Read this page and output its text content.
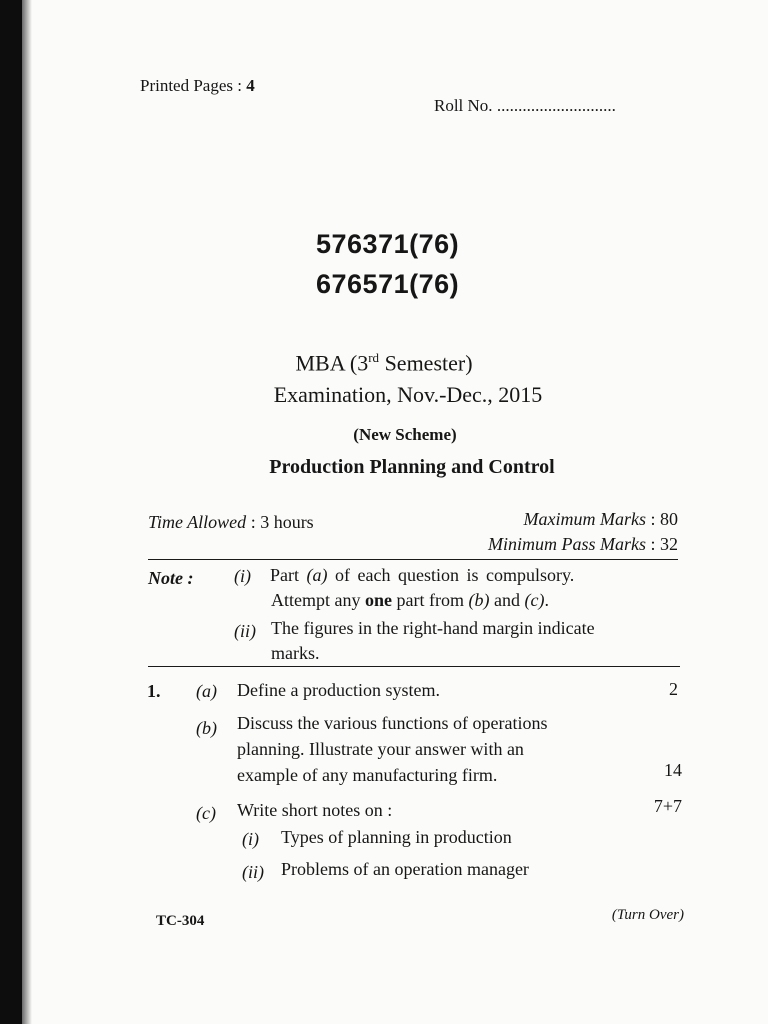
Printed Pages : 4
Roll No. ............................
576371(76)
676571(76)
MBA (3rd Semester)
Examination, Nov.-Dec., 2015
(New Scheme)
Production Planning and Control
Time Allowed : 3 hours	Maximum Marks : 80
Minimum Pass Marks : 32
Note : (i) Part (a) of each question is compulsory.
Attempt any one part from (b) and (c).
(ii) The figures in the right-hand margin indicate
marks.
1. (a) Define a production system.	2
(b) Discuss the various functions of operations
planning. Illustrate your answer with an
example of any manufacturing firm.	14
(c) Write short notes on :	7+7
(i) Types of planning in production
(ii) Problems of an operation manager
TC-304	(Turn Over)
